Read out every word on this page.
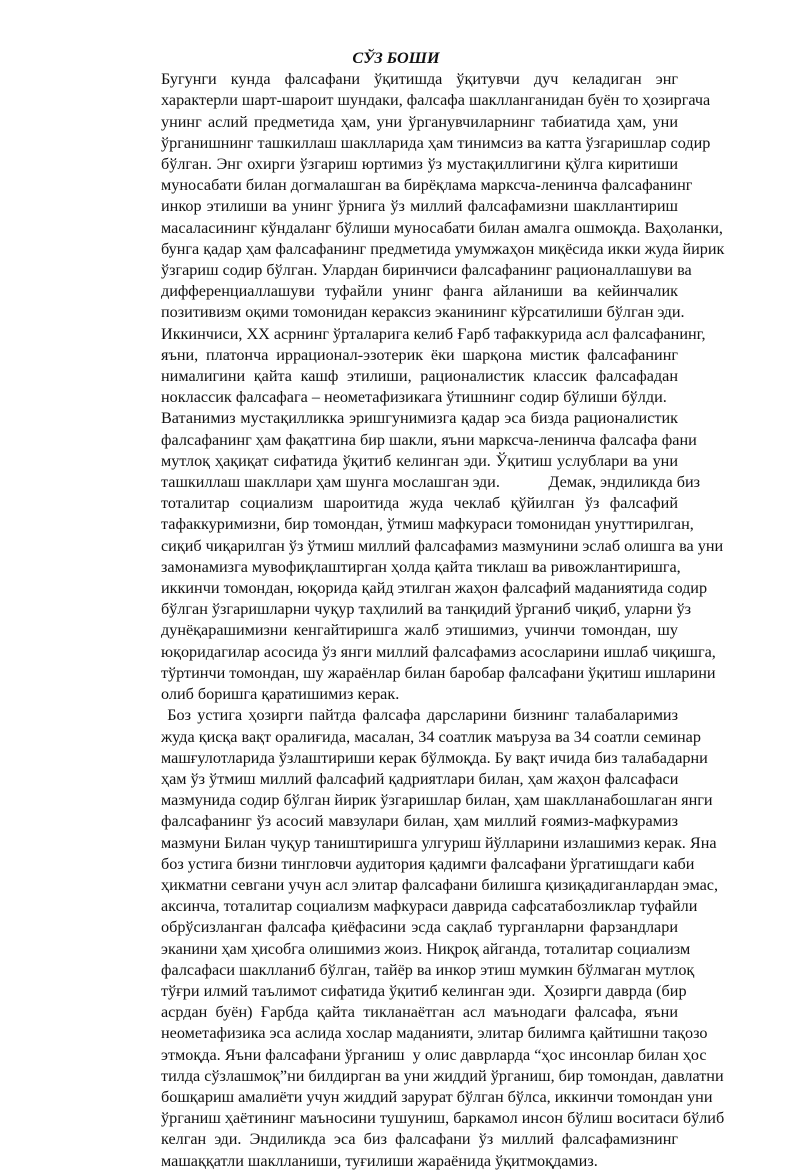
СЎЗ БОШИ

Бугунги кунда фалсафани ўқитишда ўқитувчи дуч келадиган энг
характерли шарт-шароит шундаки, фалсафа шаклланганидан буён то ҳозиргача
унинг аслий предметида ҳам, уни ўрганувчиларнинг табиатида ҳам, уни
ўрганишнинг ташкиллаш шаклларида ҳам тинимсиз ва катта ўзгаришлар содир
бўлган. Энг охирги ўзгариш юртимиз ўз мустақиллигини қўлга киритиши
муносабати билан догмалашган ва бирёқлама марксча-ленинча фалсафанинг
инкор этилиши ва унинг ўрнига ўз миллий фалсафамизни шакллантириш
масаласининг кўндаланг бўлиши муносабати билан амалга ошмоқда. Ваҳоланки,
бунга қадар ҳам фалсафанинг предметида умумжаҳон миқёсида икки жуда йирик
ўзгариш содир бўлган. Улардан биринчиси фалсафанинг рационаллашуви ва
дифференциаллашуви туфайли унинг фанга айланиши ва кейинчалик
позитивизм оқими томонидан кераксиз эканининг кўрсатилиши бўлган эди.
Иккинчиси, XX асрнинг ўрталарига келиб Ғарб тафаккурида асл фалсафанинг,
яъни, платонча иррационал-эзотерик ёки шарқона мистик фалсафанинг
нималигини қайта кашф этилиши, рационалистик классик фалсафадан
ноклассик фалсафага – неометафизикага ўтишнинг содир бўлиши бўлди.

Ватанимиз мустақилликка эришгунимизга қадар эса бизда рационалистик
фалсафанинг ҳам фақатгина бир шакли, яъни марксча-ленинча фалсафа фани
мутлоқ ҳақиқат сифатида ўқитиб келинган эди. Ўқитиш услублари ва уни
ташкиллаш шакллари ҳам шунга мослашган эди.            Демак, эндиликда биз
тоталитар социализм шароитида жуда чеклаб қўйилган ўз фалсафий
тафаккуримизни, бир томондан, ўтмиш мафкураси томонидан унуттирилган,
сиқиб чиқарилган ўз ўтмиш миллий фалсафамиз мазмунини эслаб олишга ва уни
замонамизга мувофиқлаштирган ҳолда қайта тиклаш ва ривожлантиришга,
иккинчи томондан, юқорида қайд этилган жаҳон фалсафий маданиятида содир
бўлган ўзгаришларни чуқур таҳлилий ва танқидий ўрганиб чиқиб, уларни ўз
дунёқарашимизни кенгайтиришга жалб этишимиз, учинчи томондан, шу
юқоридагилар асосида ўз янги миллий фалсафамиз асосларини ишлаб чиқишга,
тўртинчи томондан, шу жараёнлар билан баробар фалсафани ўқитиш ишларини
олиб боришга қаратишимиз керак.

Боз устига ҳозирги пайтда фалсафа дарсларини бизнинг талабаларимиз
жуда қисқа вақт оралиғида, масалан, 34 соатлик маъруза ва 34 соатли семинар
машғулотларида ўзлаштириши керак бўлмоқда. Бу вақт ичида биз талабадарни
ҳам ўз ўтмиш миллий фалсафий қадриятлари билан, ҳам жаҳон фалсафаси
мазмунида содир бўлган йирик ўзгаришлар билан, ҳам шаклланабошлаган янги
фалсафанинг ўз асосий мавзулари билан, ҳам миллий ғоямиз-мафкурамиз
мазмуни Билан чуқур таништиришга улгуриш йўлларини излашимиз керак. Яна
боз устига бизни тингловчи аудитория қадимги фалсафани ўргатишдаги каби
ҳикматни севгани учун асл элитар фалсафани билишга қизиқадиганлардан эмас,
аксинча, тоталитар социализм мафкураси даврида сафсатабозликлар туфайли
обрўсизланган фалсафа қиёфасини эсда сақлаб турганларни фарзандлари
эканини ҳам ҳисобга олишимиз жоиз. Ниқроқ айганда, тоталитар социализм
фалсафаси шаклланиб бўлган, тайёр ва инкор этиш мумкин бўлмаган мутлоқ
тўғри илмий таълимот сифатида ўқитиб келинган эди.  Ҳозирги даврда (бир
асрдан буён) Ғарбда қайта тикланаётган асл маънодаги фалсафа, яъни
неометафизика эса аслида хослар маданияти, элитар билимга қайтишни тақозо
этмоқда. Яъни фалсафани ўрганиш  у олис даврларда “ҳос инсонлар билан ҳос
тилда сўзлашмоқ”ни билдирган ва уни жиддий ўрганиш, бир томондан, давлатни
бошқариш амалиёти учун жиддий зарурат бўлган бўлса, иккинчи томондан уни
ўрганиш ҳаётининг маъносини тушуниш, баркамол инсон бўлиш воситаси бўлиб
келган эди. Эндиликда эса биз фалсафани ўз миллий фалсафамизнинг
машаққатли шаклланиши, туғилиши жараёнида ўқитмоқдамиз.
